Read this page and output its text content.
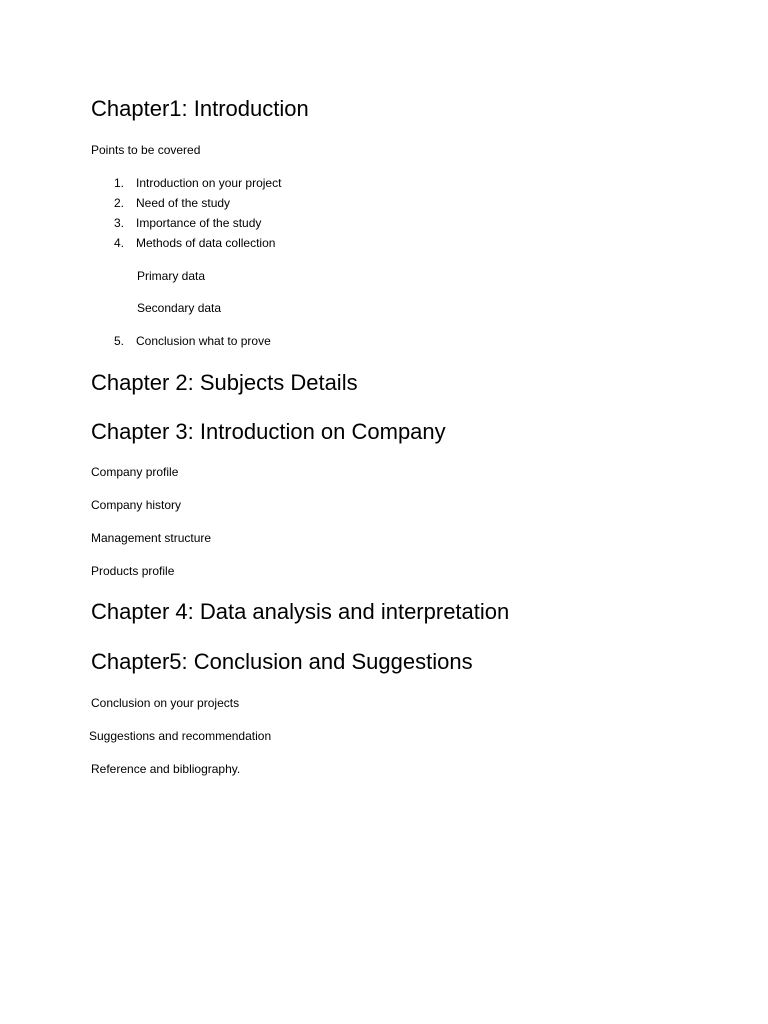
Chapter1: Introduction

Points to be covered

1. Introduction on your project
2. Need of the study
3. Importance of the study
4. Methods of data collection

Primary data

Secondary data

5. Conclusion what to prove
Chapter 2: Subjects Details
Chapter 3: Introduction on Company

Company profile

Company history

Management structure

Products profile

Chapter 4: Data analysis and interpretation
Chapter5: Conclusion and Suggestions

Conclusion on your projects

Suggestions and recommendation

Reference and bibliography.
